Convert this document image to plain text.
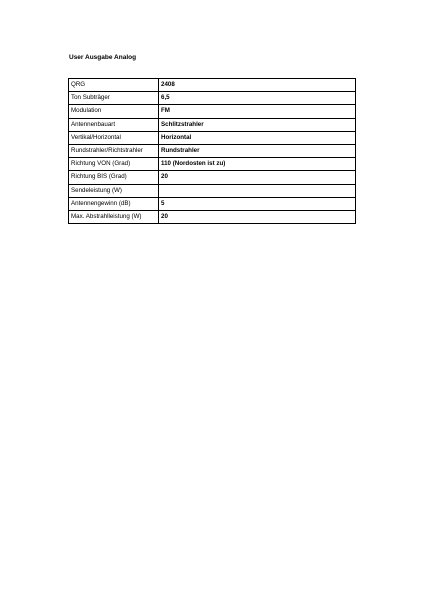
User Ausgabe Analog
QRG	2408
Ton Subträger	6,5
Modulation	FM
Antennenbauart	Schlitzstrahler
Vertikal/Horizontal	Horizontal
Rundstrahler/Richtstrahler	Rundstrahler
Richtung VON (Grad)	110 (Nordosten ist zu)
Richtung BIS (Grad)	20
Sendeleistung (W)	
Antennengewinn (dB)	5
Max. Abstrahlleistung (W)	20
